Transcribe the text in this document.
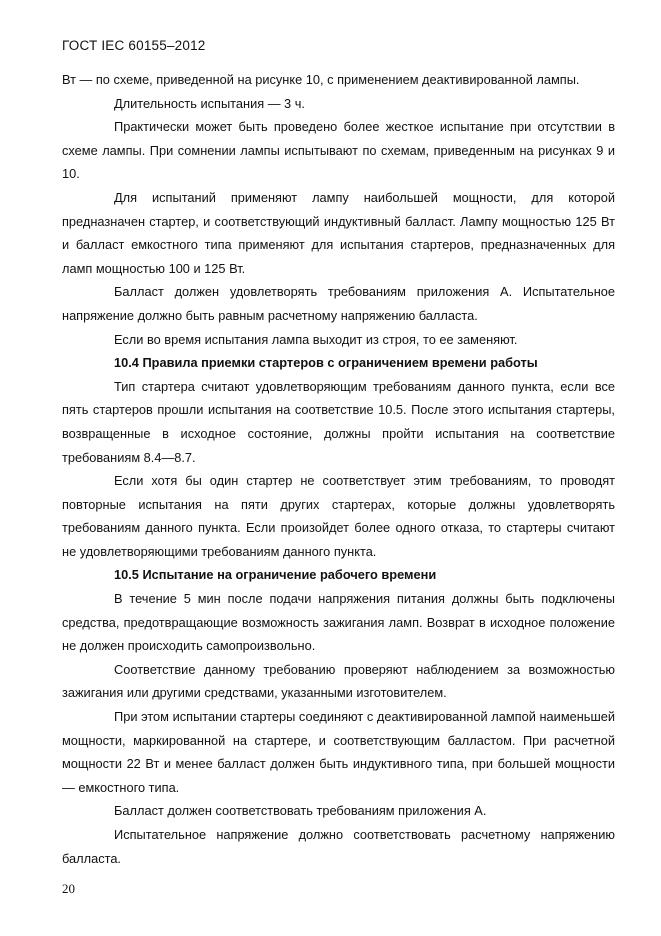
ГОСТ IEC 60155–2012

Вт — по схеме, приведенной на рисунке 10, с применением деактивированной лампы.

Длительность испытания — 3 ч.

Практически может быть проведено более жесткое испытание при отсутствии в схеме лампы. При сомнении лампы испытывают по схемам, приведенным на рисунках 9 и 10.

Для испытаний применяют лампу наибольшей мощности, для которой предназначен стартер, и соответствующий индуктивный балласт. Лампу мощностью 125 Вт и балласт емкостного типа применяют для испытания стартеров, предназначенных для ламп мощностью 100 и 125 Вт.

Балласт должен удовлетворять требованиям приложения А. Испытательное напряжение должно быть равным расчетному напряжению балласта.

Если во время испытания лампа выходит из строя, то ее заменяют.

10.4 Правила приемки стартеров с ограничением времени работы

Тип стартера считают удовлетворяющим требованиям данного пункта, если все пять стартеров прошли испытания на соответствие 10.5. После этого испытания стартеры, возвращенные в исходное состояние, должны пройти испытания на соответствие требованиям 8.4—8.7.

Если хотя бы один стартер не соответствует этим требованиям, то проводят повторные испытания на пяти других стартерах, которые должны удовлетворять требованиям данного пункта. Если произойдет более одного отказа, то стартеры считают не удовлетворяющими требованиям данного пункта.

10.5 Испытание на ограничение рабочего времени

В течение 5 мин после подачи напряжения питания должны быть подключены средства, предотвращающие возможность зажигания ламп. Возврат в исходное положение не должен происходить самопроизвольно.

Соответствие данному требованию проверяют наблюдением за возможностью зажигания или другими средствами, указанными изготовителем.

При этом испытании стартеры соединяют с деактивированной лампой наименьшей мощности, маркированной на стартере, и соответствующим балластом. При расчетной мощности 22 Вт и менее балласт должен быть индуктивного типа, при большей мощности — емкостного типа.

Балласт должен соответствовать требованиям приложения А.

Испытательное напряжение должно соответствовать расчетному напряжению балласта.

20
